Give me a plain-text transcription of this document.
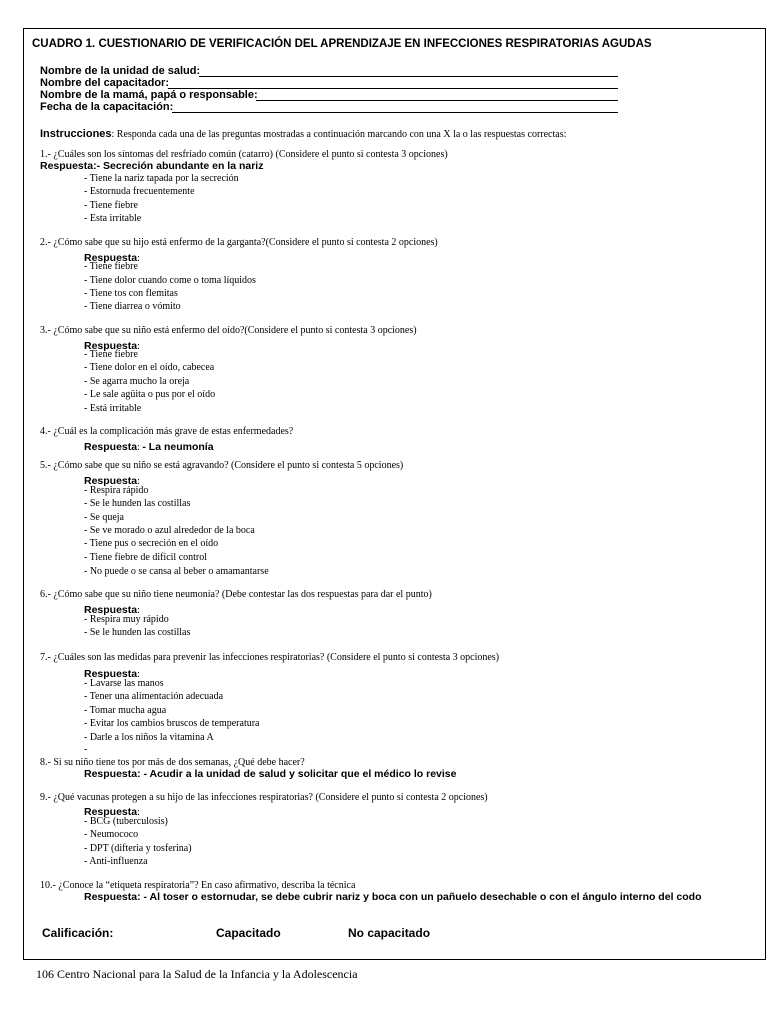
CUADRO 1. CUESTIONARIO DE VERIFICACIÓN DEL APRENDIZAJE EN INFECCIONES RESPIRATORIAS AGUDAS
Nombre de la unidad de salud:
Nombre del capacitador:
Nombre de la mamá, papá o responsable:
Fecha de la capacitación:
Instrucciones: Responda cada una de las preguntas mostradas a continuación marcando con una X la o las respuestas correctas:
1.- ¿Cuáles son los síntomas del resfriado común (catarro) (Considere el punto si contesta 3 opciones)
Respuesta:- Secreción abundante en la nariz
- Tiene la nariz tapada por la secreción
- Estornuda frecuentemente
- Tiene fiebre
- Esta irritable
2.- ¿Cómo sabe que su hijo está enfermo de la garganta?(Considere el punto si contesta 2 opciones)
Respuesta:
- Tiene fiebre
- Tiene dolor cuando come o toma líquidos
- Tiene tos con flemitas
- Tiene diarrea o vómito
3.- ¿Cómo sabe que su niño está enfermo del oído?(Considere el punto si contesta 3 opciones)
Respuesta:
- Tiene fiebre
- Tiene dolor en el oído, cabecea
- Se agarra mucho la oreja
- Le sale agüita o pus por el oído
- Está irritable
4.- ¿Cuál es la complicación más grave de estas enfermedades?
Respuesta: - La neumonía
5.- ¿Cómo sabe que su niño se está agravando? (Considere el punto si contesta 5 opciones)
Respuesta:
- Respira rápido
- Se le hunden las costillas
- Se queja
- Se ve morado o azul alrededor de la boca
- Tiene pus o secreción en el oído
- Tiene fiebre de difícil control
- No puede o se cansa al beber o amamantarse
6.- ¿Cómo sabe que su niño tiene neumonía? (Debe contestar las dos respuestas para dar el punto)
Respuesta:
- Respira muy rápido
- Se le hunden las costillas
7.- ¿Cuáles son las medidas para prevenir las infecciones respiratorias? (Considere el punto si contesta 3 opciones)
Respuesta:
- Lavarse las manos
- Tener una alimentación adecuada
- Tomar mucha agua
- Evitar los cambios bruscos de temperatura
- Darle a los niños la vitamina A
-
8.- Si su niño tiene tos por más de dos semanas, ¿Qué debe hacer?
Respuesta: - Acudir a la unidad de salud y solicitar que el médico lo revise
9.- ¿Qué vacunas protegen a su hijo de las infecciones respiratorias? (Considere el punto si contesta 2 opciones)
Respuesta:
- BCG (tuberculosis)
- Neumococo
- DPT (difteria y tosferina)
- Anti-influenza
10.- ¿Conoce la “etiqueta respiratoria”? En caso afirmativo, describa la técnica
Respuesta: - Al toser o estornudar, se debe cubrir nariz y boca con un pañuelo desechable o con el ángulo interno del codo
Calificación:	Capacitado	No capacitado
106 Centro Nacional para la Salud de la Infancia y la Adolescencia
